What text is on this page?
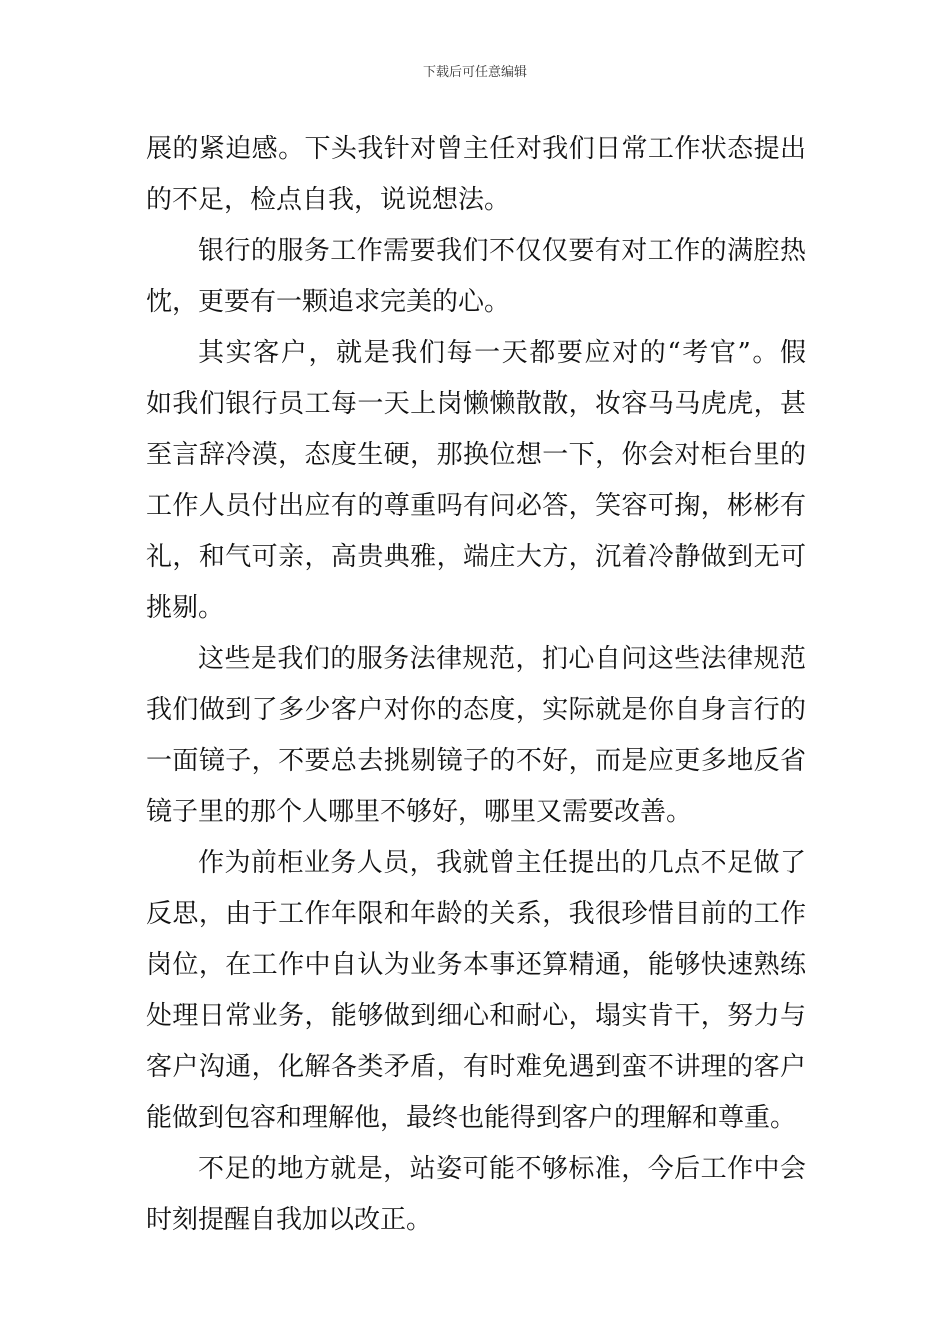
下载后可任意编辑
展的紧迫感。下头我针对曾主任对我们日常工作状态提出
的不足，检点自我，说说想法。
银行的服务工作需要我们不仅仅要有对工作的满腔热
忱，更要有一颗追求完美的心。
其实客户，就是我们每一天都要应对的“考官”。假
如我们银行员工每一天上岗懒懒散散，妆容马马虎虎，甚
至言辞冷漠，态度生硬，那换位想一下，你会对柜台里的
工作人员付出应有的尊重吗有问必答，笑容可掬，彬彬有
礼，和气可亲，高贵典雅，端庄大方，沉着冷静做到无可
挑剔。
这些是我们的服务法律规范，扪心自问这些法律规范
我们做到了多少客户对你的态度，实际就是你自身言行的
一面镜子，不要总去挑剔镜子的不好，而是应更多地反省
镜子里的那个人哪里不够好，哪里又需要改善。
作为前柜业务人员，我就曾主任提出的几点不足做了
反思，由于工作年限和年龄的关系，我很珍惜目前的工作
岗位，在工作中自认为业务本事还算精通，能够快速熟练
处理日常业务，能够做到细心和耐心，塌实肯干，努力与
客户沟通，化解各类矛盾，有时难免遇到蛮不讲理的客户
能做到包容和理解他，最终也能得到客户的理解和尊重。
不足的地方就是，站姿可能不够标准，今后工作中会
时刻提醒自我加以改正。
